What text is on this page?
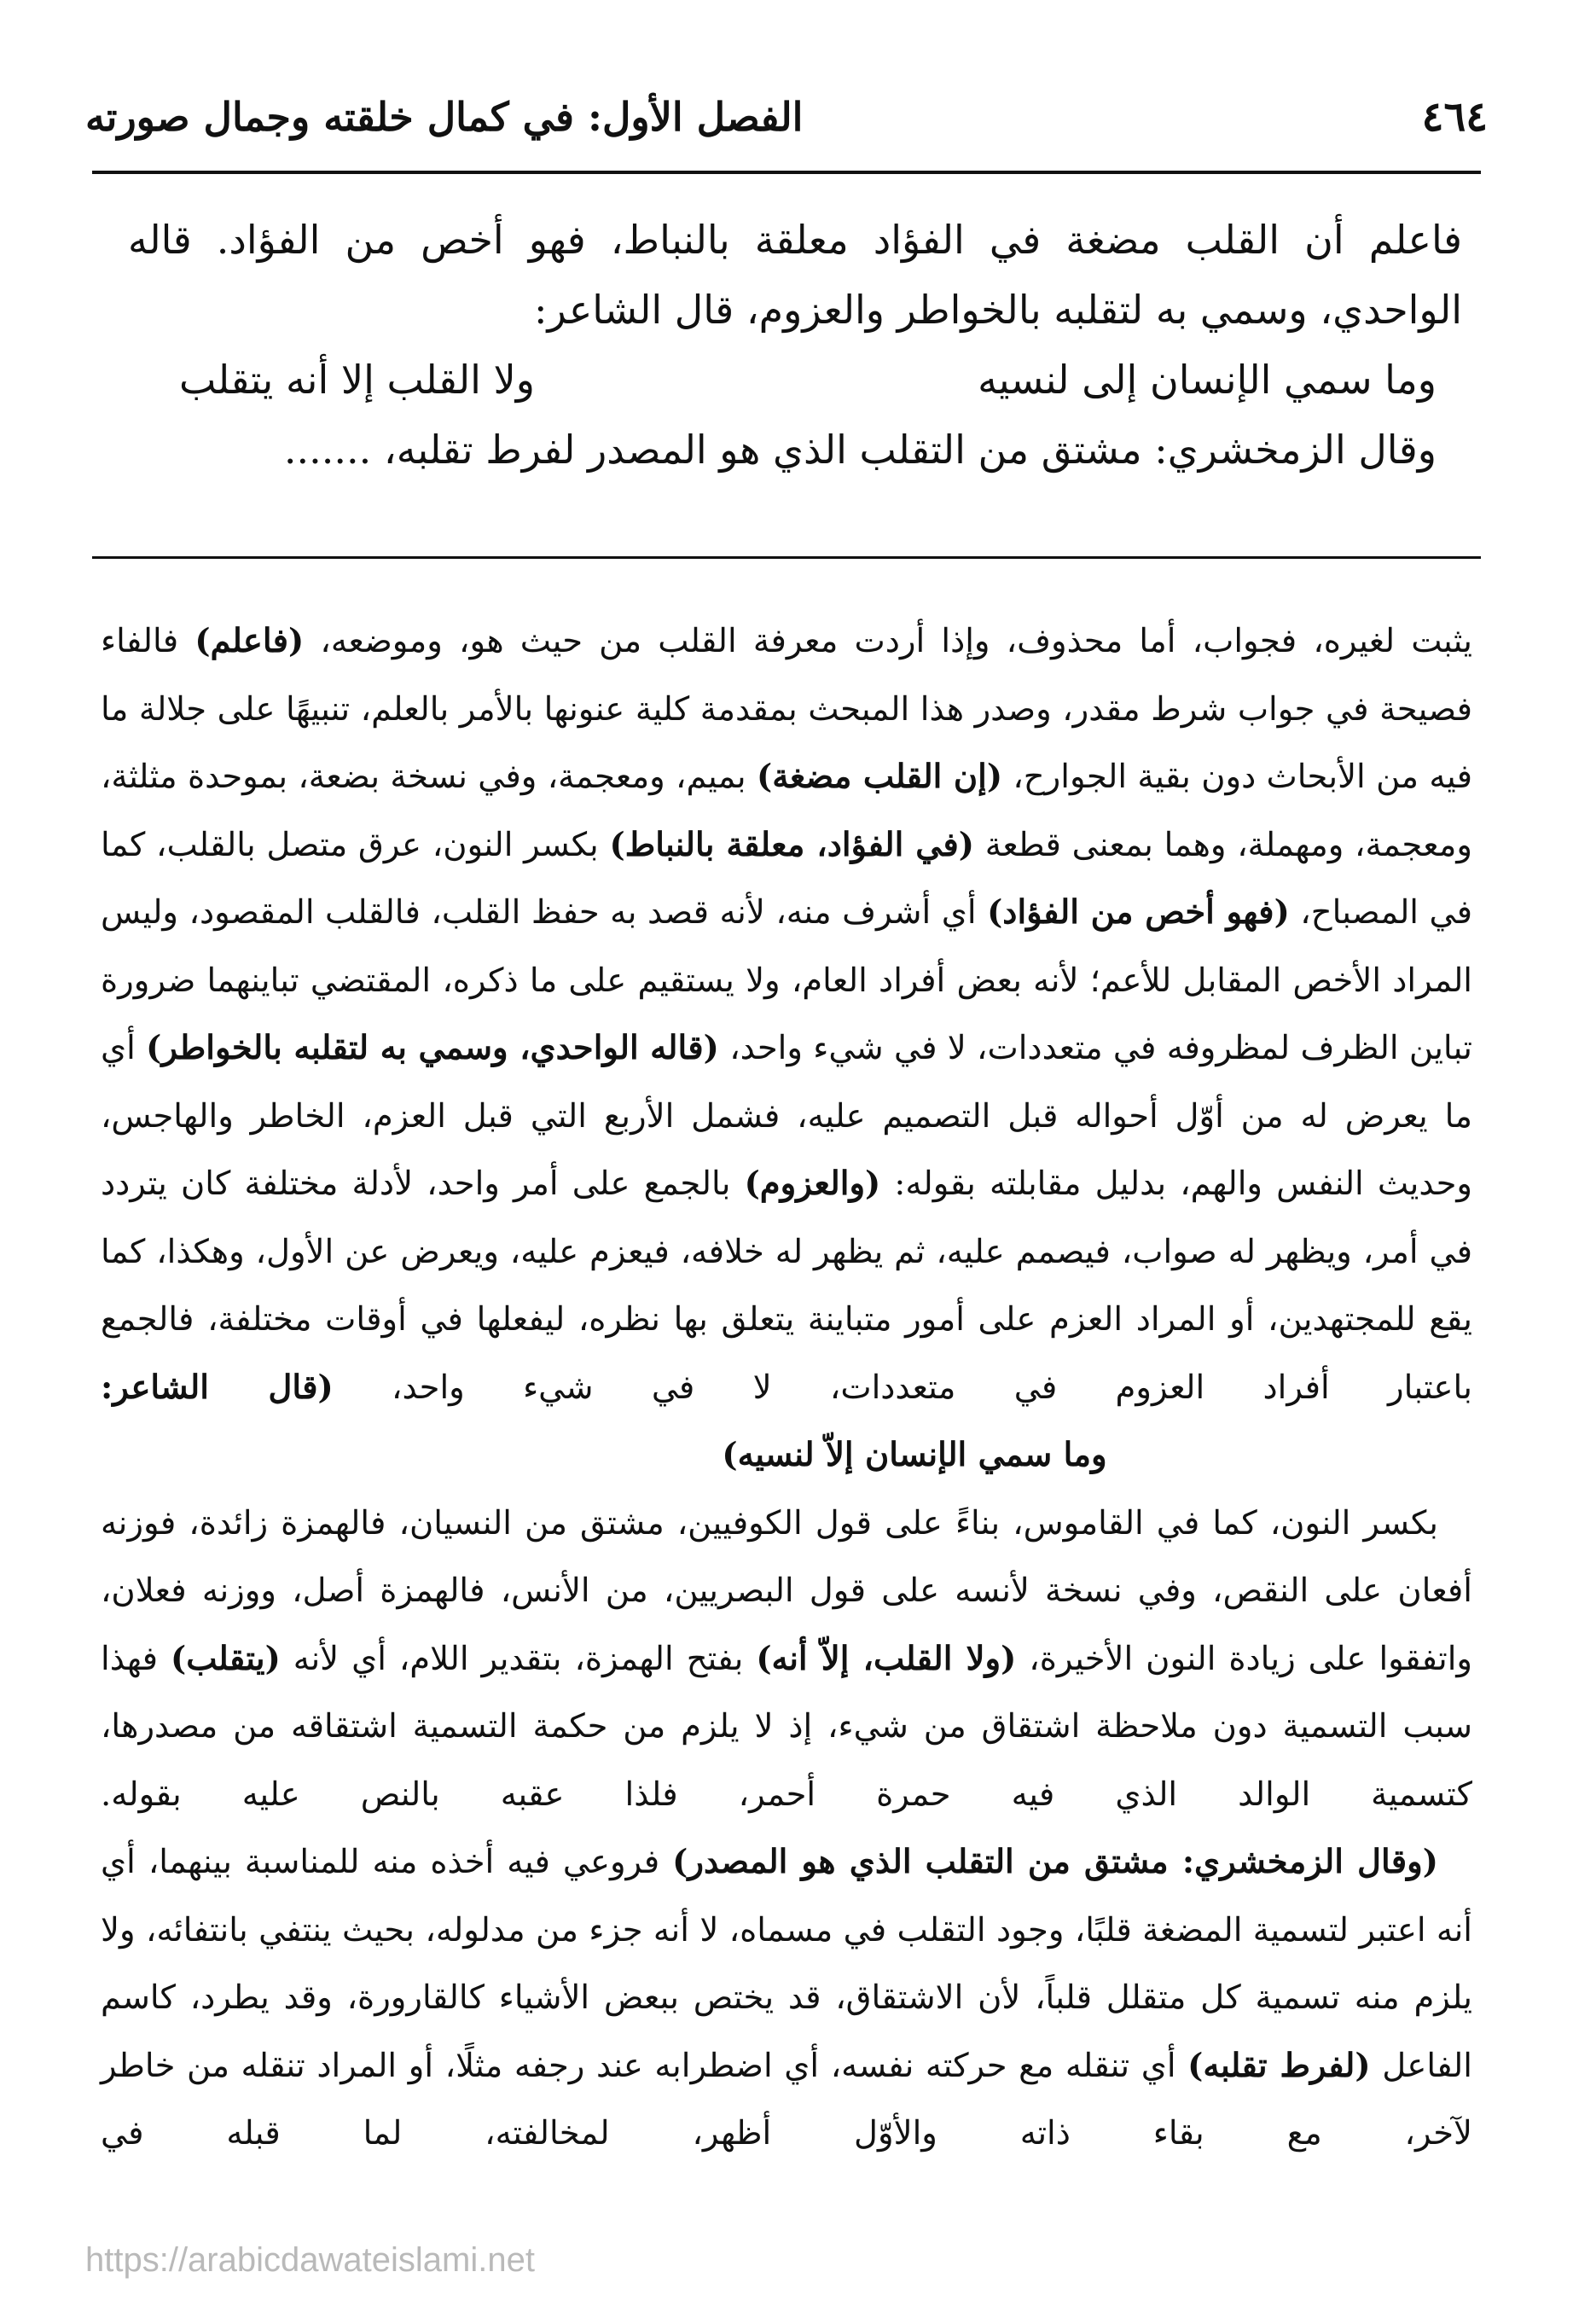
٤٦٤
الفصل الأول: في كمال خلقته وجمال صورته

فاعلم أن القلب مضغة في الفؤاد معلقة بالنباط، فهو أخص من الفؤاد. قاله

الواحدي، وسمي به لتقلبه بالخواطر والعزوم، قال الشاعر:

وما سمي الإنسان إلى لنسيه
ولا القلب إلا أنه يتقلب

وقال الزمخشري: مشتق من التقلب الذي هو المصدر لفرط تقلبه، .......

يثبت لغيره، فجواب، أما محذوف، وإذا أردت معرفة القلب من حيث هو، وموضعه، (فاعلم) فالفاء فصيحة في جواب شرط مقدر، وصدر هذا المبحث بمقدمة كلية عنونها بالأمر بالعلم، تنبيهًا على جلالة ما فيه من الأبحاث دون بقية الجوارح، (إن القلب مضغة) بميم، ومعجمة، وفي نسخة بضعة، بموحدة مثلثة، ومعجمة، ومهملة، وهما بمعنى قطعة (في الفؤاد، معلقة بالنباط) بكسر النون، عرق متصل بالقلب، كما في المصباح، (فهو أخص من الفؤاد) أي أشرف منه، لأنه قصد به حفظ القلب، فالقلب المقصود، وليس المراد الأخص المقابل للأعم؛ لأنه بعض أفراد العام، ولا يستقيم على ما ذكره، المقتضي تباينهما ضرورة تباين الظرف لمظروفه في متعددات، لا في شيء واحد، (قاله الواحدي، وسمي به لتقلبه بالخواطر) أي ما يعرض له من أوّل أحواله قبل التصميم عليه، فشمل الأربع التي قبل العزم، الخاطر والهاجس، وحديث النفس والهم، بدليل مقابلته بقوله: (والعزوم) بالجمع على أمر واحد، لأدلة مختلفة كان يتردد في أمر، ويظهر له صواب، فيصمم عليه، ثم يظهر له خلافه، فيعزم عليه، ويعرض عن الأول، وهكذا، كما يقع للمجتهدين، أو المراد العزم على أمور متباينة يتعلق بها نظره، ليفعلها في أوقات مختلفة، فالجمع باعتبار أفراد العزوم في متعددات، لا في شيء واحد، (قال الشاعر:

وما سمي الإنسان إلاّ لنسيه)

بكسر النون، كما في القاموس، بناءً على قول الكوفيين، مشتق من النسيان، فالهمزة زائدة، فوزنه أفعان على النقص، وفي نسخة لأنسه على قول البصريين، من الأنس، فالهمزة أصل، ووزنه فعلان، واتفقوا على زيادة النون الأخيرة، (ولا القلب، إلاّ أنه) بفتح الهمزة، بتقدير اللام، أي لأنه (يتقلب) فهذا سبب التسمية دون ملاحظة اشتقاق من شيء، إذ لا يلزم من حكمة التسمية اشتقاقه من مصدرها، كتسمية الوالد الذي فيه حمرة أحمر، فلذا عقبه بالنص عليه بقوله.

(وقال الزمخشري: مشتق من التقلب الذي هو المصدر) فروعي فيه أخذه منه للمناسبة بينهما، أي أنه اعتبر لتسمية المضغة قلبًا، وجود التقلب في مسماه، لا أنه جزء من مدلوله، بحيث ينتفي بانتفائه، ولا يلزم منه تسمية كل متقلل قلباً، لأن الاشتقاق، قد يختص ببعض الأشياء كالقارورة، وقد يطرد، كاسم الفاعل (لفرط تقلبه) أي تنقله مع حركته نفسه، أي اضطرابه عند رجفه مثلًا، أو المراد تنقله من خاطر لآخر، مع بقاء ذاته والأوّل أظهر، لمخالفته، لما قبله في

https://arabicdawateislami.net
